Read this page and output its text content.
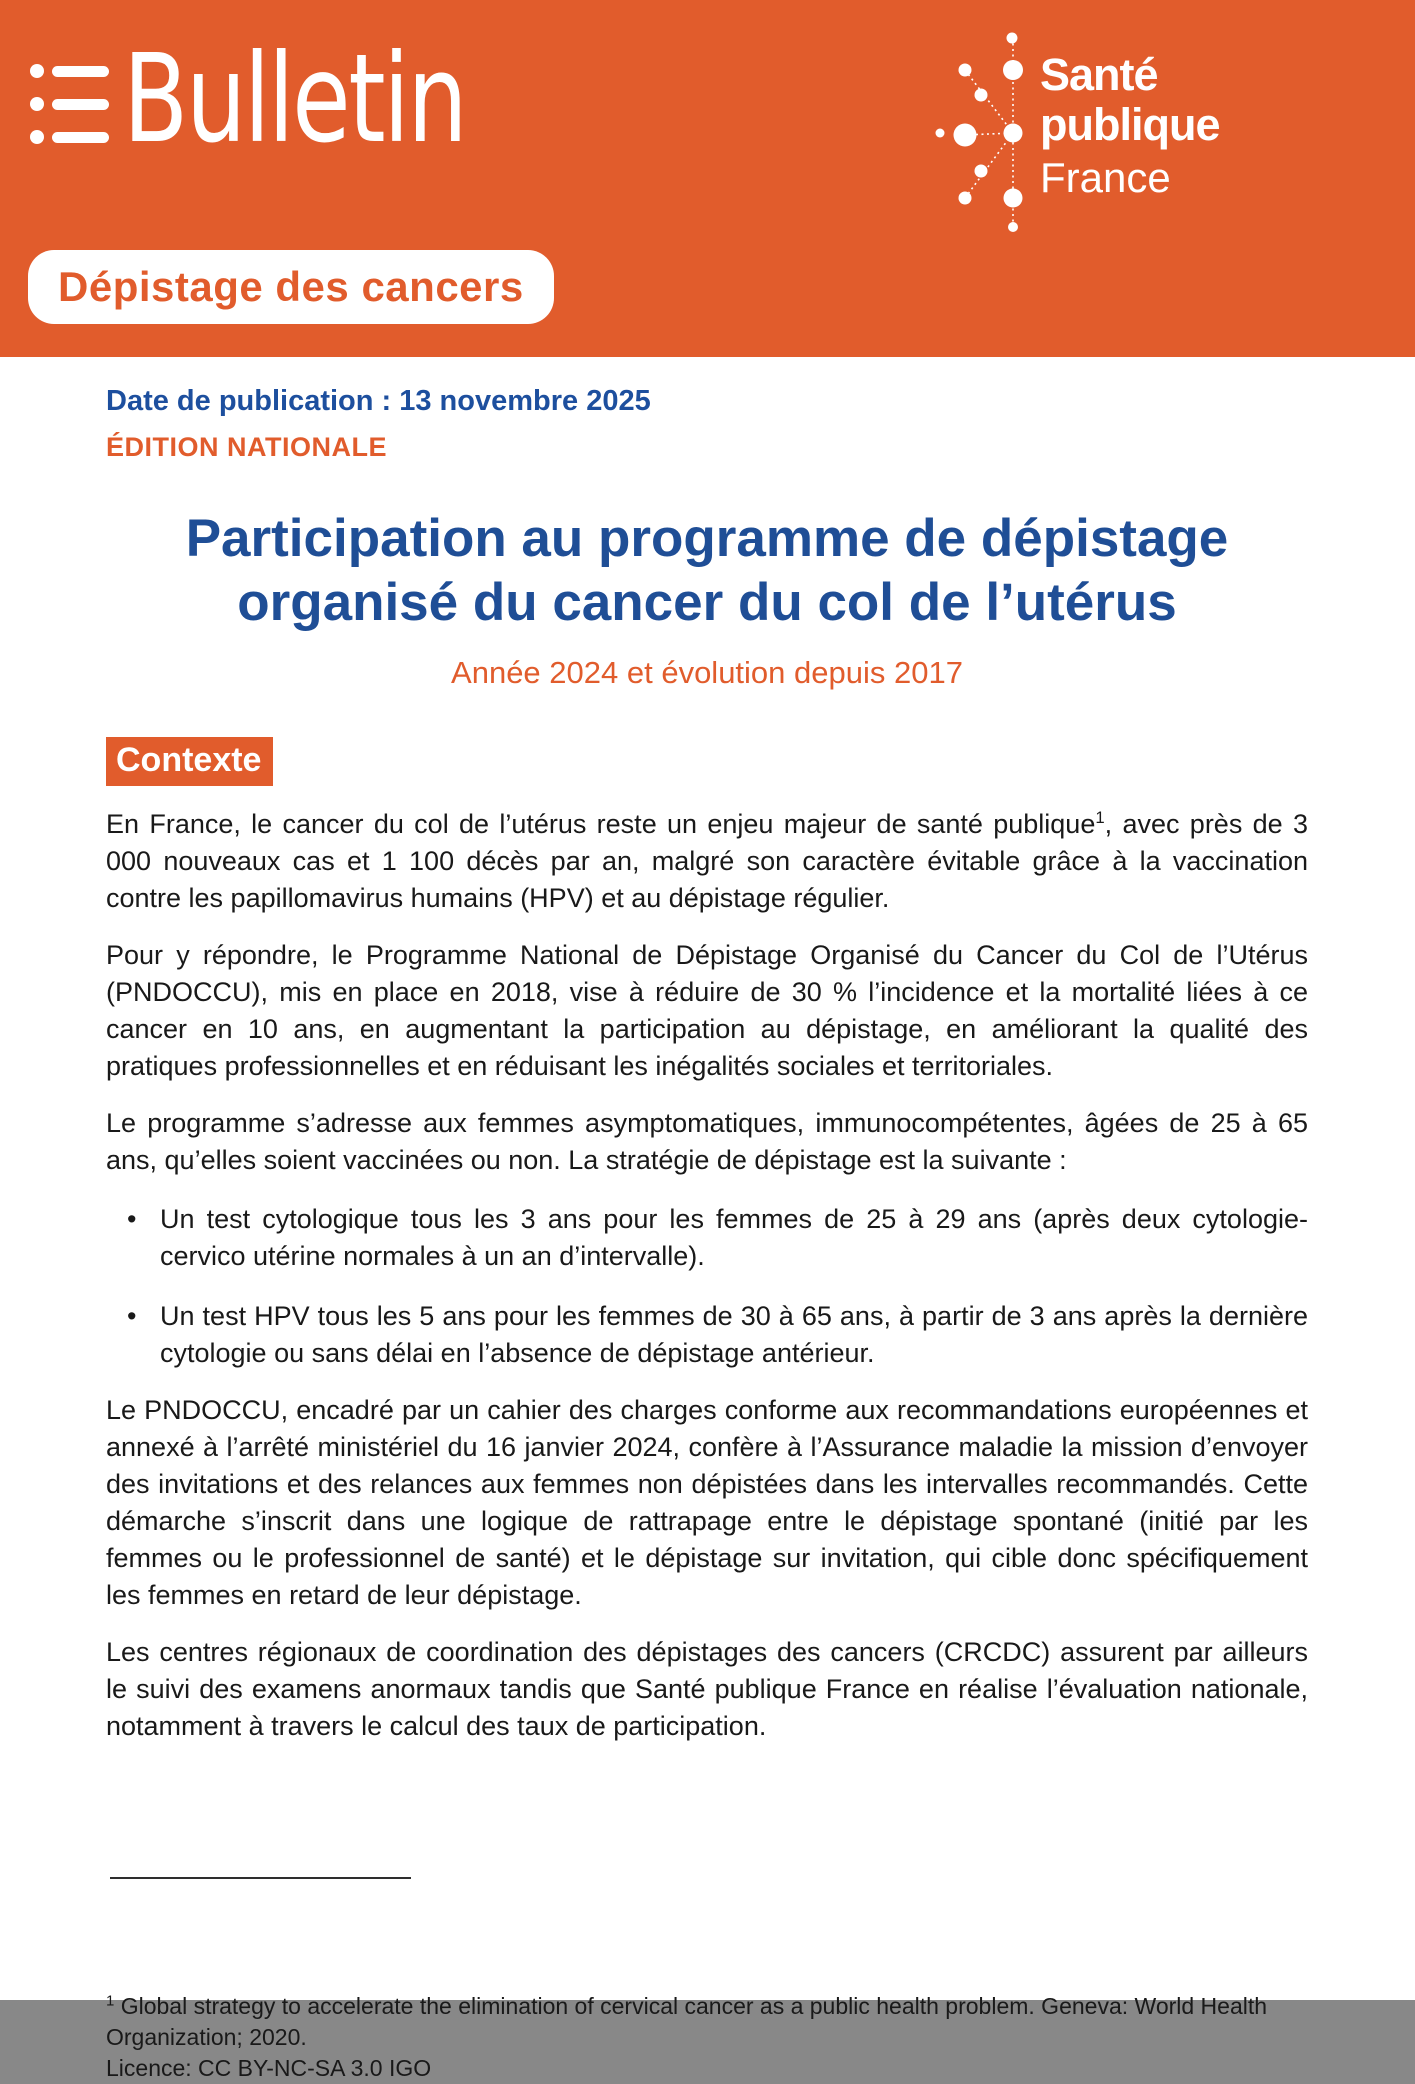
Bulletin	Santé
publique
France
Dépistage des cancers

Date de publication : 13 novembre 2025

ÉDITION NATIONALE

Participation au programme de dépistage
organisé du cancer du col de l’utérus
Année 2024 et évolution depuis 2017
Contexte

En France, le cancer du col de l’utérus reste un enjeu majeur de santé publique$^1$, avec près de 3 000 nouveaux cas et 1 100 décès par an, malgré son caractère évitable grâce à la vaccination contre les papillomavirus humains (HPV) et au dépistage régulier.

Pour y répondre, le Programme National de Dépistage Organisé du Cancer du Col de l’Utérus (PNDOCCU), mis en place en 2018, vise à réduire de 30 % l’incidence et la mortalité liées à ce cancer en 10 ans, en augmentant la participation au dépistage, en améliorant la qualité des pratiques professionnelles et en réduisant les inégalités sociales et territoriales.

Le programme s’adresse aux femmes asymptomatiques, immunocompétentes, âgées de 25 à 65 ans, qu’elles soient vaccinées ou non. La stratégie de dépistage est la suivante :

• Un test cytologique tous les 3 ans pour les femmes de 25 à 29 ans (après deux cytologie-cervico utérine normales à un an d’intervalle).
• Un test HPV tous les 5 ans pour les femmes de 30 à 65 ans, à partir de 3 ans après la dernière cytologie ou sans délai en l’absence de dépistage antérieur.

Le PNDOCCU, encadré par un cahier des charges conforme aux recommandations européennes et annexé à l’arrêté ministériel du 16 janvier 2024, confère à l’Assurance maladie la mission d’envoyer des invitations et des relances aux femmes non dépistées dans les intervalles recommandés. Cette démarche s’inscrit dans une logique de rattrapage entre le dépistage spontané (initié par les femmes ou le professionnel de santé) et le dépistage sur invitation, qui cible donc spécifiquement les femmes en retard de leur dépistage.

Les centres régionaux de coordination des dépistages des cancers (CRCDC) assurent par ailleurs le suivi des examens anormaux tandis que Santé publique France en réalise l’évaluation nationale, notamment à travers le calcul des taux de participation.

$^1$ Global strategy to accelerate the elimination of cervical cancer as a public health problem. Geneva: World Health Organization; 2020.
Licence: CC BY-NC-SA 3.0 IGO
